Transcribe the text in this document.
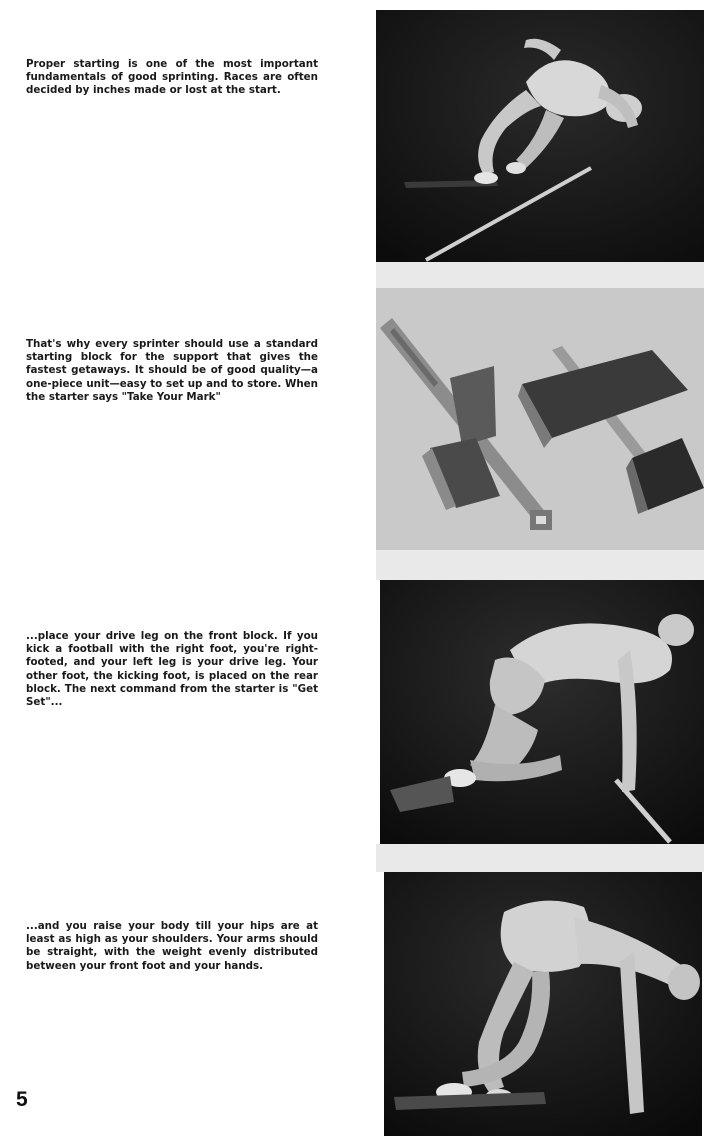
Proper starting is one of the most important fundamentals of good sprinting. Races are often decided by inches made or lost at the start.
That's why every sprinter should use a standard starting block for the support that gives the fastest getaways. It should be of good quality—a one-piece unit—easy to set up and to store. When the starter says "Take Your Mark"
...place your drive leg on the front block. If you kick a football with the right foot, you're right-footed, and your left leg is your drive leg. Your other foot, the kicking foot, is placed on the rear block. The next command from the starter is "Get Set"...
...and you raise your body till your hips are at least as high as your shoulders. Your arms should be straight, with the weight evenly distributed between your front foot and your hands.
5
